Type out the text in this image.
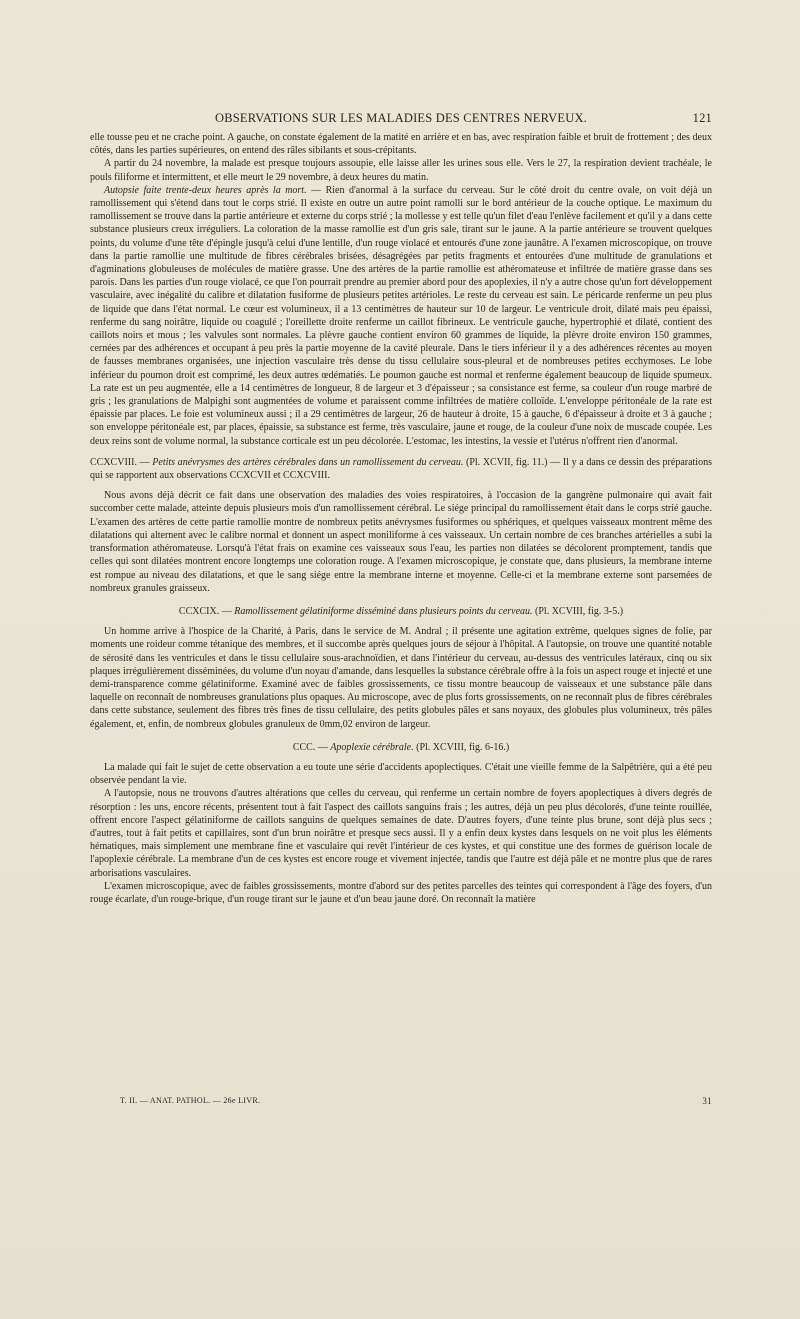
OBSERVATIONS SUR LES MALADIES DES CENTRES NERVEUX.	121

elle tousse peu et ne crache point. A gauche, on constate également de la matité en arrière et en bas, avec respiration faible et bruit de frottement ; des deux côtés, dans les parties supérieures, on entend des râles sibilants et sous-crépitants.

A partir du 24 novembre, la malade est presque toujours assoupie, elle laisse aller les urines sous elle. Vers le 27, la respiration devient trachéale, le pouls filiforme et intermittent, et elle meurt le 29 novembre, à deux heures du matin.

Autopsie faite trente-deux heures après la mort. — Rien d'anormal à la surface du cerveau. Sur le côté droit du centre ovale, on voit déjà un ramollissement qui s'étend dans tout le corps strié. Il existe en outre un autre point ramolli sur le bord antérieur de la couche optique. Le maximum du ramollissement se trouve dans la partie antérieure et externe du corps strié ; la mollesse y est telle qu'un filet d'eau l'enlève facilement et qu'il y a dans cette substance plusieurs creux irréguliers. La coloration de la masse ramollie est d'un gris sale, tirant sur le jaune. A la partie antérieure se trouvent quelques points, du volume d'une tête d'épingle jusqu'à celui d'une lentille, d'un rouge violacé et entourés d'une zone jaunâtre. A l'examen microscopique, on trouve dans la partie ramollie une multitude de fibres cérébrales brisées, désagrégées par petits fragments et entourées d'une multitude de granulations et d'agminations globuleuses de molécules de matière grasse. Une des artères de la partie ramollie est athéromateuse et infiltrée de matière grasse dans ses parois. Dans les parties d'un rouge violacé, ce que l'on pourrait prendre au premier abord pour des apoplexies, il n'y a autre chose qu'un fort développement vasculaire, avec inégalité du calibre et dilatation fusiforme de plusieurs petites artérioles. Le reste du cerveau est sain. Le péricarde renferme un peu plus de liquide que dans l'état normal. Le cœur est volumineux, il a 13 centimètres de hauteur sur 10 de largeur. Le ventricule droit, dilaté mais peu épaissi, renferme du sang noirâtre, liquide ou coagulé ; l'oreillette droite renferme un caillot fibrineux. Le ventricule gauche, hypertrophié et dilaté, contient des caillots noirs et mous ; les valvules sont normales. La plèvre gauche contient environ 60 grammes de liquide, la plèvre droite environ 150 grammes, cernées par des adhérences et occupant à peu près la partie moyenne de la cavité pleurale. Dans le tiers inférieur il y a des adhérences récentes au moyen de fausses membranes organisées, une injection vasculaire très dense du tissu cellulaire sous-pleural et de nombreuses petites ecchymoses. Le lobe inférieur du poumon droit est comprimé, les deux autres œdématiés. Le poumon gauche est normal et renferme également beaucoup de liquide spumeux. La rate est un peu augmentée, elle a 14 centimètres de longueur, 8 de largeur et 3 d'épaisseur ; sa consistance est ferme, sa couleur d'un rouge marbré de gris ; les granulations de Malpighi sont augmentées de volume et paraissent comme infiltrées de matière colloïde. L'enveloppe péritonéale de la rate est épaissie par places. Le foie est volumineux aussi ; il a 29 centimètres de largeur, 26 de hauteur à droite, 15 à gauche, 6 d'épaisseur à droite et 3 à gauche ; son enveloppe péritonéale est, par places, épaissie, sa substance est ferme, très vasculaire, jaune et rouge, de la couleur d'une noix de muscade coupée. Les deux reins sont de volume normal, la substance corticale est un peu décolorée. L'estomac, les intestins, la vessie et l'utérus n'offrent rien d'anormal.

CCXCVIII. — Petits anévrysmes des artères cérébrales dans un ramollissement du cerveau. (Pl. XCVII, fig. 11.) — Il y a dans ce dessin des préparations qui se rapportent aux observations CCXCVII et CCXCVIII.

Nous avons déjà décrit ce fait dans une observation des maladies des voies respiratoires, à l'occasion de la gangrène pulmonaire qui avait fait succomber cette malade, atteinte depuis plusieurs mois d'un ramollissement cérébral. Le siége principal du ramollissement était dans le corps strié gauche. L'examen des artères de cette partie ramollie montre de nombreux petits anévrysmes fusiformes ou sphériques, et quelques vaisseaux montrent même des dilatations qui alternent avec le calibre normal et donnent un aspect moniliforme à ces vaisseaux. Un certain nombre de ces branches artérielles a subi la transformation athéromateuse. Lorsqu'à l'état frais on examine ces vaisseaux sous l'eau, les parties non dilatées se décolorent promptement, tandis que celles qui sont dilatées montrent encore longtemps une coloration rouge. A l'examen microscopique, je constate que, dans plusieurs, la membrane interne est rompue au niveau des dilatations, et que le sang siége entre la membrane interne et moyenne. Celle-ci et la membrane externe sont parsemées de nombreux granules graisseux.

CCXCIX. — Ramollissement gélatiniforme disséminé dans plusieurs points du cerveau. (Pl. XCVIII, fig. 3-5.)

Un homme arrive à l'hospice de la Charité, à Paris, dans le service de M. Andral ; il présente une agitation extrême, quelques signes de folie, par moments une roideur comme tétanique des membres, et il succombe après quelques jours de séjour à l'hôpital. A l'autopsie, on trouve une quantité notable de sérosité dans les ventricules et dans le tissu cellulaire sous-arachnoïdien, et dans l'intérieur du cerveau, au-dessus des ventricules latéraux, cinq ou six plaques irrégulièrement disséminées, du volume d'un noyau d'amande, dans lesquelles la substance cérébrale offre à la fois un aspect rouge et injecté et une demi-transparence comme gélatiniforme. Examiné avec de faibles grossissements, ce tissu montre beaucoup de vaisseaux et une substance pâle dans laquelle on reconnaît de nombreuses granulations plus opaques. Au microscope, avec de plus forts grossissements, on ne reconnaît plus de fibres cérébrales dans cette substance, seulement des fibres très fines de tissu cellulaire, des petits globules pâles et sans noyaux, des globules plus volumineux, très pâles également, et, enfin, de nombreux globules granuleux de 0mm,02 environ de largeur.

CCC. — Apoplexie cérébrale. (Pl. XCVIII, fig. 6-16.)

La malade qui fait le sujet de cette observation a eu toute une série d'accidents apoplectiques. C'était une vieille femme de la Salpêtrière, qui a été peu observée pendant la vie.

A l'autopsie, nous ne trouvons d'autres altérations que celles du cerveau, qui renferme un certain nombre de foyers apoplectiques à divers degrés de résorption : les uns, encore récents, présentent tout à fait l'aspect des caillots sanguins frais ; les autres, déjà un peu plus décolorés, d'une teinte rouillée, offrent encore l'aspect gélatiniforme de caillots sanguins de quelques semaines de date. D'autres foyers, d'une teinte plus brune, sont déjà plus secs ; d'autres, tout à fait petits et capillaires, sont d'un brun noirâtre et presque secs aussi. Il y a enfin deux kystes dans lesquels on ne voit plus les éléments hématiques, mais simplement une membrane fine et vasculaire qui revêt l'intérieur de ces kystes, et qui constitue une des formes de guérison locale de l'apoplexie cérébrale. La membrane d'un de ces kystes est encore rouge et vivement injectée, tandis que l'autre est déjà pâle et ne montre plus que de rares arborisations vasculaires.

L'examen microscopique, avec de faibles grossissements, montre d'abord sur des petites parcelles des teintes qui correspondent à l'âge des foyers, d'un rouge écarlate, d'un rouge-brique, d'un rouge tirant sur le jaune et d'un beau jaune doré. On reconnaît la matière

T. II. — ANAT. PATHOL. — 26e LIVR.	31
